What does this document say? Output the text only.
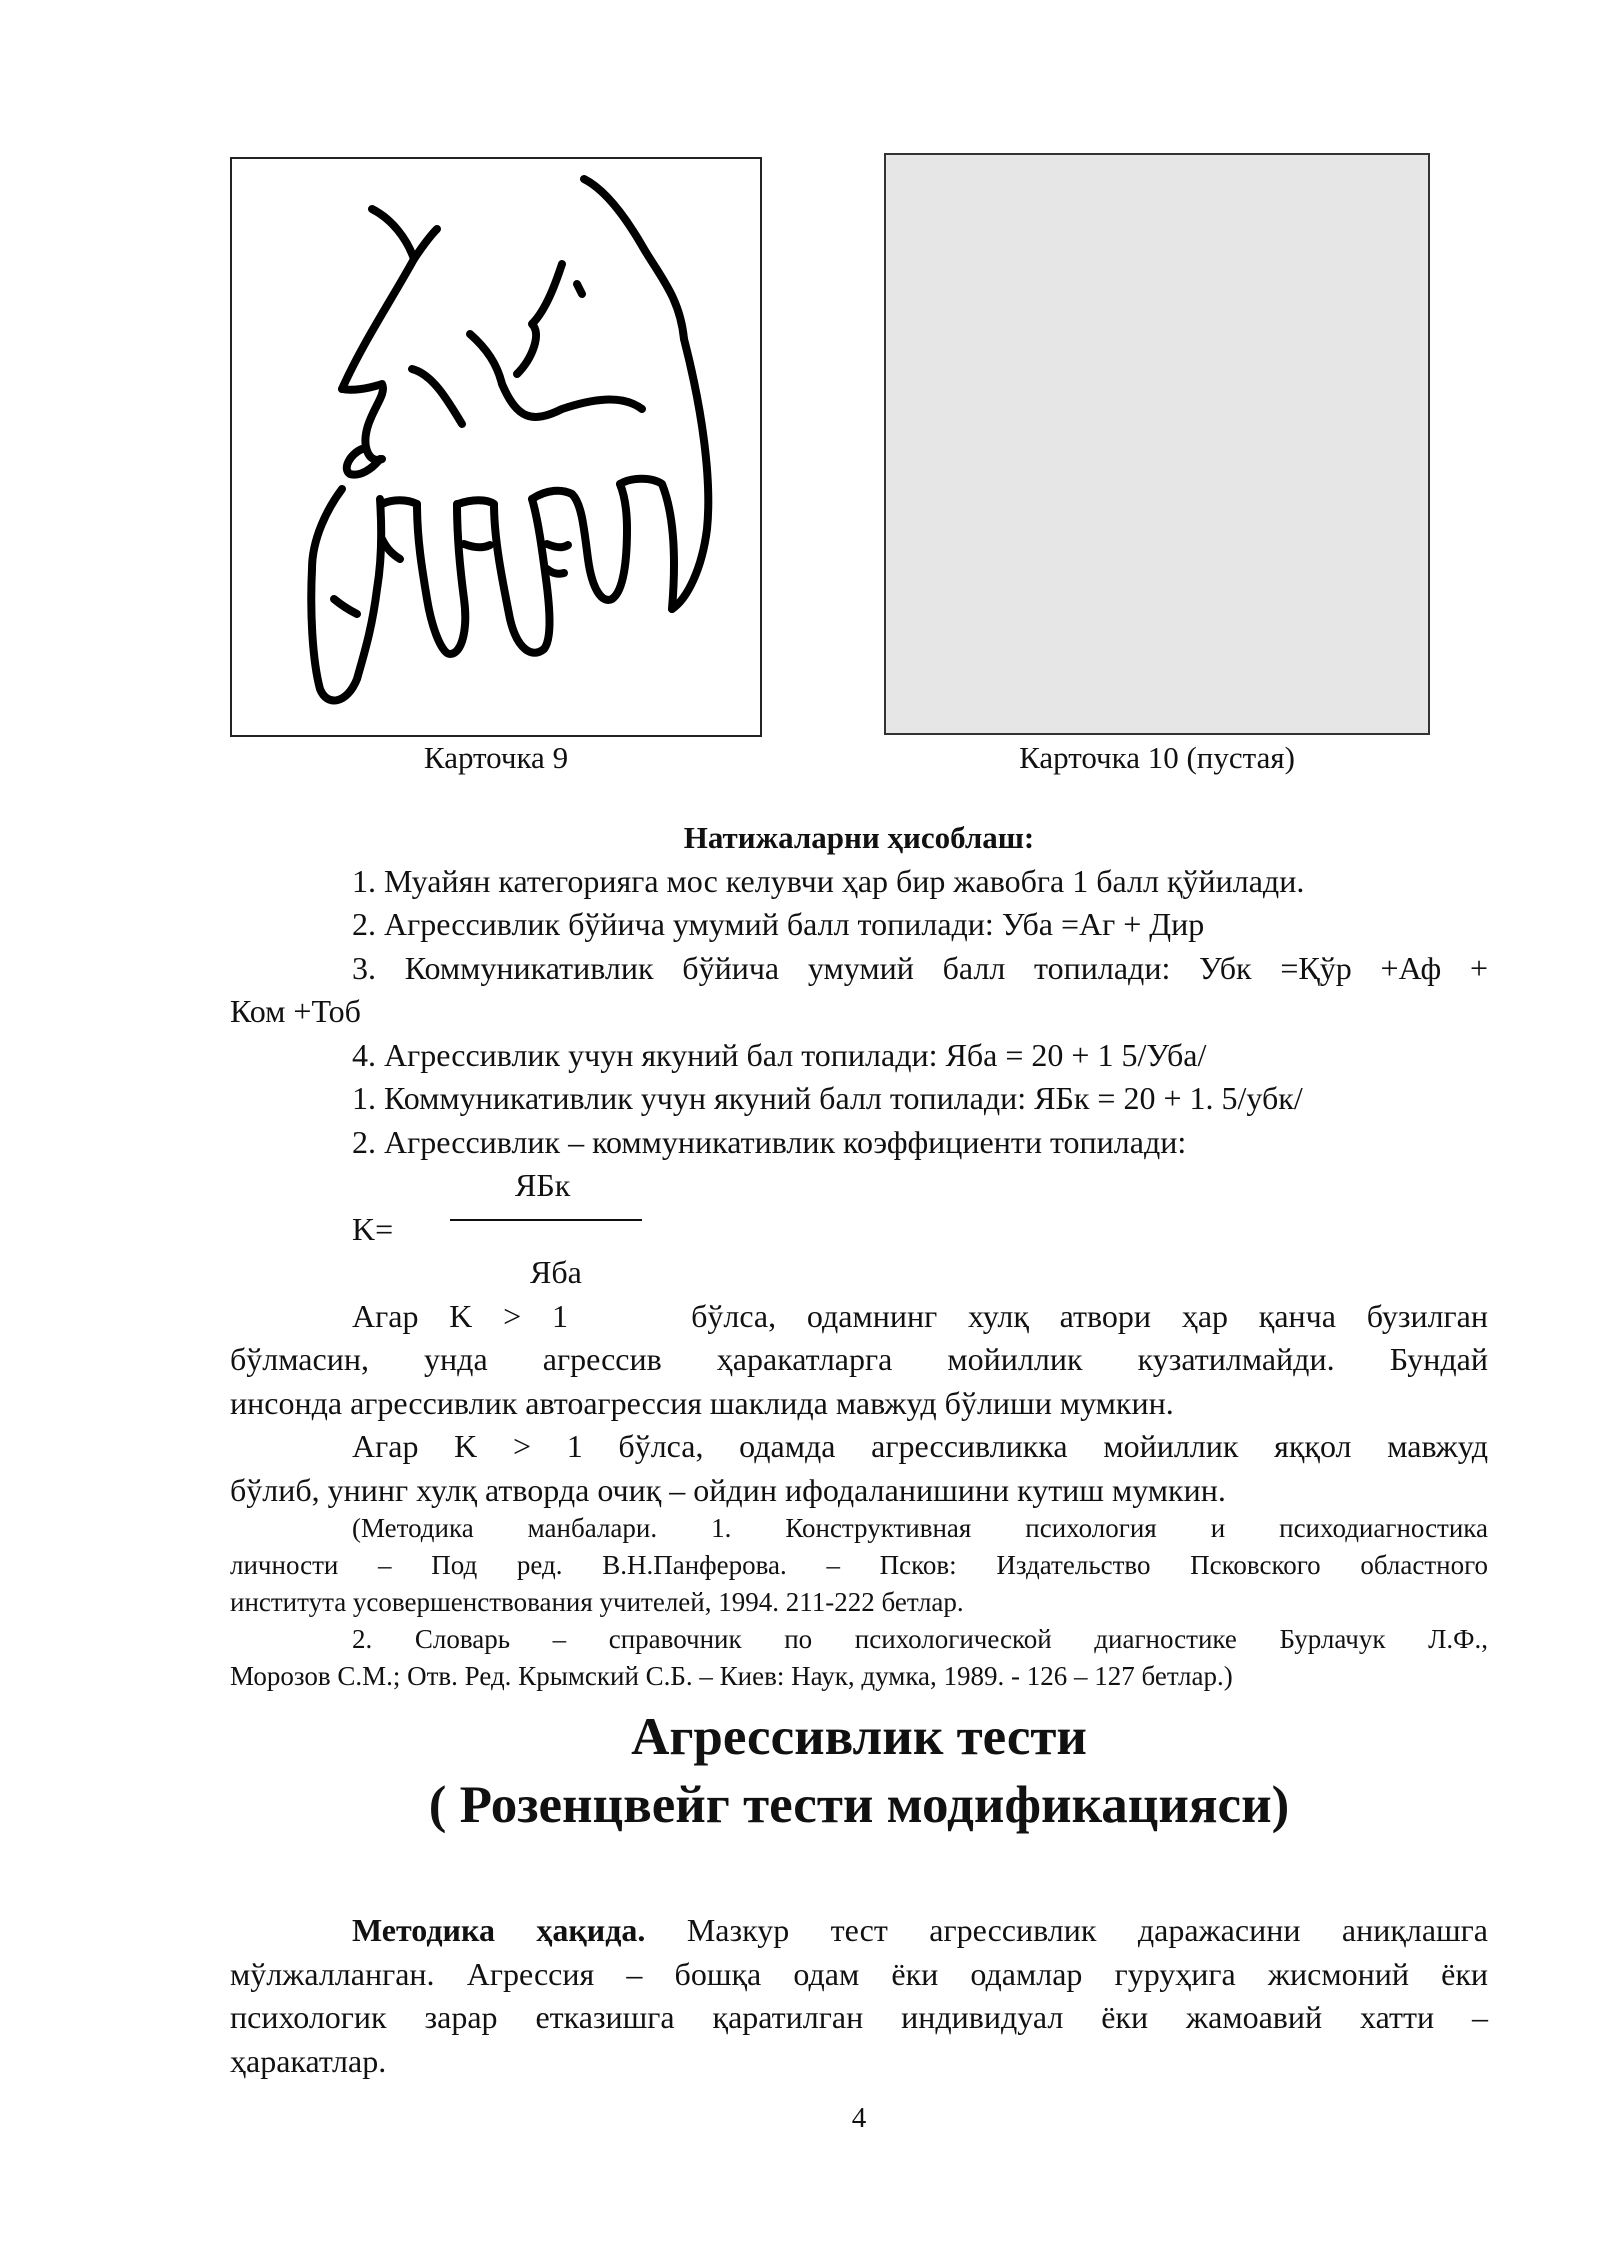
Карточка 9	Карточка 10 (пустая)
Натижаларни ҳисоблаш:
1. Муайян категорияга мос келувчи ҳар бир жавобга 1 балл қўйилади.
2. Агрессивлик бўйича умумий балл топилади: Уба =Аг + Дир
3. Коммуникативлик бўйича умумий балл топилади: Убк =Қўр +Аф +
Ком +Тоб
4. Агрессивлик учун якуний бал топилади: Яба = 20 + 1 5/Уба/
1. Коммуникативлик учун якуний балл топилади: ЯБк = 20 + 1. 5/убк/
2. Агрессивлик – коммуникативлик коэффициенти топилади:
ЯБк
K=
Яба
Агар K > 1    бўлса, одамнинг хулқ атвори ҳар қанча бузилган
бўлмасин, унда агрессив ҳаракатларга мойиллик кузатилмайди. Бундай
инсонда агрессивлик автоагрессия шаклида мавжуд бўлиши мумкин.
Агар K > 1 бўлса, одамда агрессивликка мойиллик яққол мавжуд
бўлиб, унинг хулқ атворда очиқ – ойдин ифодаланишини кутиш мумкин.
(Методика манбалари. 1. Конструктивная психология и психодиагностика
личности – Под ред. В.Н.Панферова. – Псков: Издательство Псковского областного
института усовершенствования учителей, 1994. 211-222 бетлар.
2. Словарь – справочник по психологической диагностике Бурлачук Л.Ф.,
Морозов С.М.; Отв. Ред. Крымский С.Б. – Киев: Наук, думка, 1989. - 126 – 127 бетлар.)
Агрессивлик тести
( Розенцвейг тести модификацияси)
Методика ҳақида. Мазкур тест агрессивлик даражасини аниқлашга
мўлжалланган. Агрессия – бошқа одам ёки одамлар гуруҳига жисмоний ёки
психологик зарар етказишга қаратилган индивидуал ёки жамоавий хатти –
ҳаракатлар.
4
